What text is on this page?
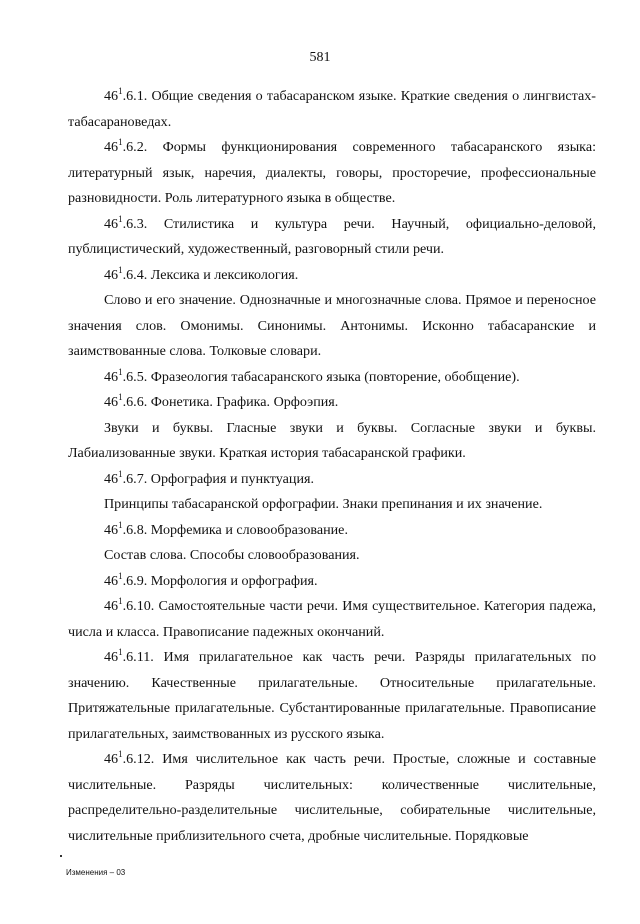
581

$46^1.6.1$. Общие сведения о табасаранском языке. Краткие сведения о лингвистах-табасарановедах.

$46^1.6.2$. Формы функционирования современного табасаранского языка: литературный язык, наречия, диалекты, говоры, просторечие, профессиональные разновидности. Роль литературного языка в обществе.

$46^1.6.3$. Стилистика и культура речи. Научный, официально-деловой, публицистический, художественный, разговорный стили речи.

$46^1.6.4$. Лексика и лексикология.

Слово и его значение. Однозначные и многозначные слова. Прямое и переносное значения слов. Омонимы. Синонимы. Антонимы. Исконно табасаранские и заимствованные слова. Толковые словари.

$46^1.6.5$. Фразеология табасаранского языка (повторение, обобщение).

$46^1.6.6$. Фонетика. Графика. Орфоэпия.

Звуки и буквы. Гласные звуки и буквы. Согласные звуки и буквы. Лабиализованные звуки. Краткая история табасаранской графики.

$46^1.6.7$. Орфография и пунктуация.

Принципы табасаранской орфографии. Знаки препинания и их значение.

$46^1.6.8$. Морфемика и словообразование.

Состав слова. Способы словообразования.

$46^1.6.9$. Морфология и орфография.

$46^1.6.10$. Самостоятельные части речи. Имя существительное. Категория падежа, числа и класса. Правописание падежных окончаний.

$46^1.6.11$. Имя прилагательное как часть речи. Разряды прилагательных по значению. Качественные прилагательные. Относительные прилагательные. Притяжательные прилагательные. Субстантированные прилагательные. Правописание прилагательных, заимствованных из русского языка.

$46^1.6.12$. Имя числительное как часть речи. Простые, сложные и составные числительные. Разряды числительных: количественные числительные, распределительно-разделительные числительные, собирательные числительные, числительные приблизительного счета, дробные числительные. Порядковые

Изменения – 03
